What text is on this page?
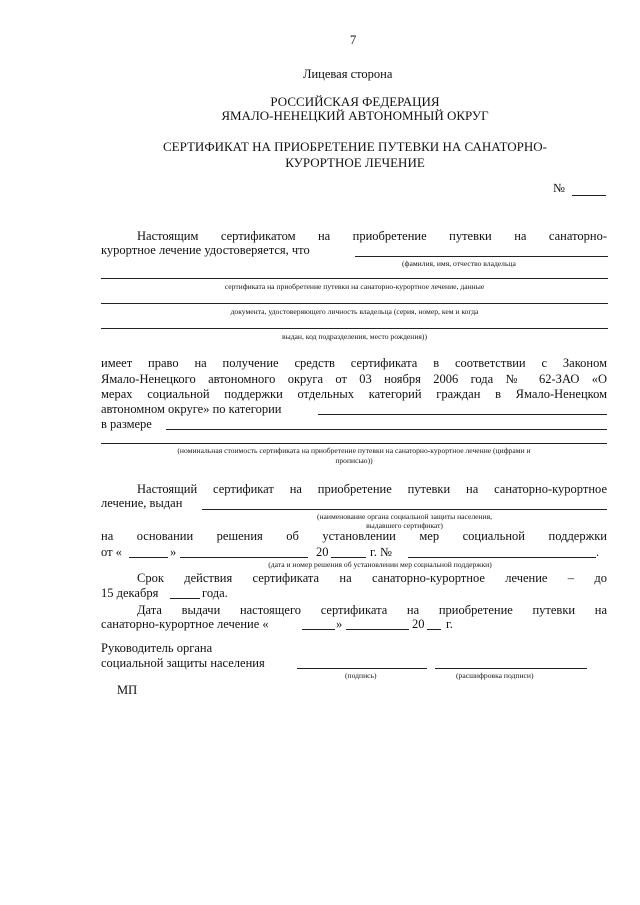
7
Лицевая сторона
РОССИЙСКАЯ ФЕДЕРАЦИЯ
ЯМАЛО-НЕНЕЦКИЙ АВТОНОМНЫЙ ОКРУГ
СЕРТИФИКАТ НА ПРИОБРЕТЕНИЕ ПУТЕВКИ НА САНАТОРНО-
КУРОРТНОЕ ЛЕЧЕНИЕ
№
Настоящим сертификатом на приобретение путевки на санаторно-
курортное лечение удостоверяется, что
(фамилия, имя, отчество владельца
сертификата на приобретение путевки на санаторно-курортное лечение, данные
документа, удостоверяющего личность владельца (серия, номер, кем и когда
выдан, код подразделения, место рождения))
имеет право на получение средств сертификата в соответствии с Законом
Ямало-Ненецкого автономного округа от 03 ноября 2006 года № 62-ЗАО «О
мерах социальной поддержки отдельных категорий граждан в Ямало-Ненецком
автономном округе» по категории
в размере
(номинальная стоимость сертификата на приобретение путевки на санаторно-курортное лечение (цифрами и
прописью))
Настоящий сертификат на приобретение путевки на санаторно-курортное
лечение, выдан
(наименование органа социальной защиты населения,
выдавшего сертификат)
на основании решения об установлении мер социальной поддержки
от «	»	20	г. №	.
(дата и номер решения об установлении мер социальной поддержки)
Срок действия сертификата на санаторно-курортное лечение – до
15 декабря	года.
Дата выдачи настоящего сертификата на приобретение путевки на
санаторно-курортное лечение «	»	20 г.
Руководитель органа
социальной защиты населения
(подпись)	(расшифровка подписи)
МП
